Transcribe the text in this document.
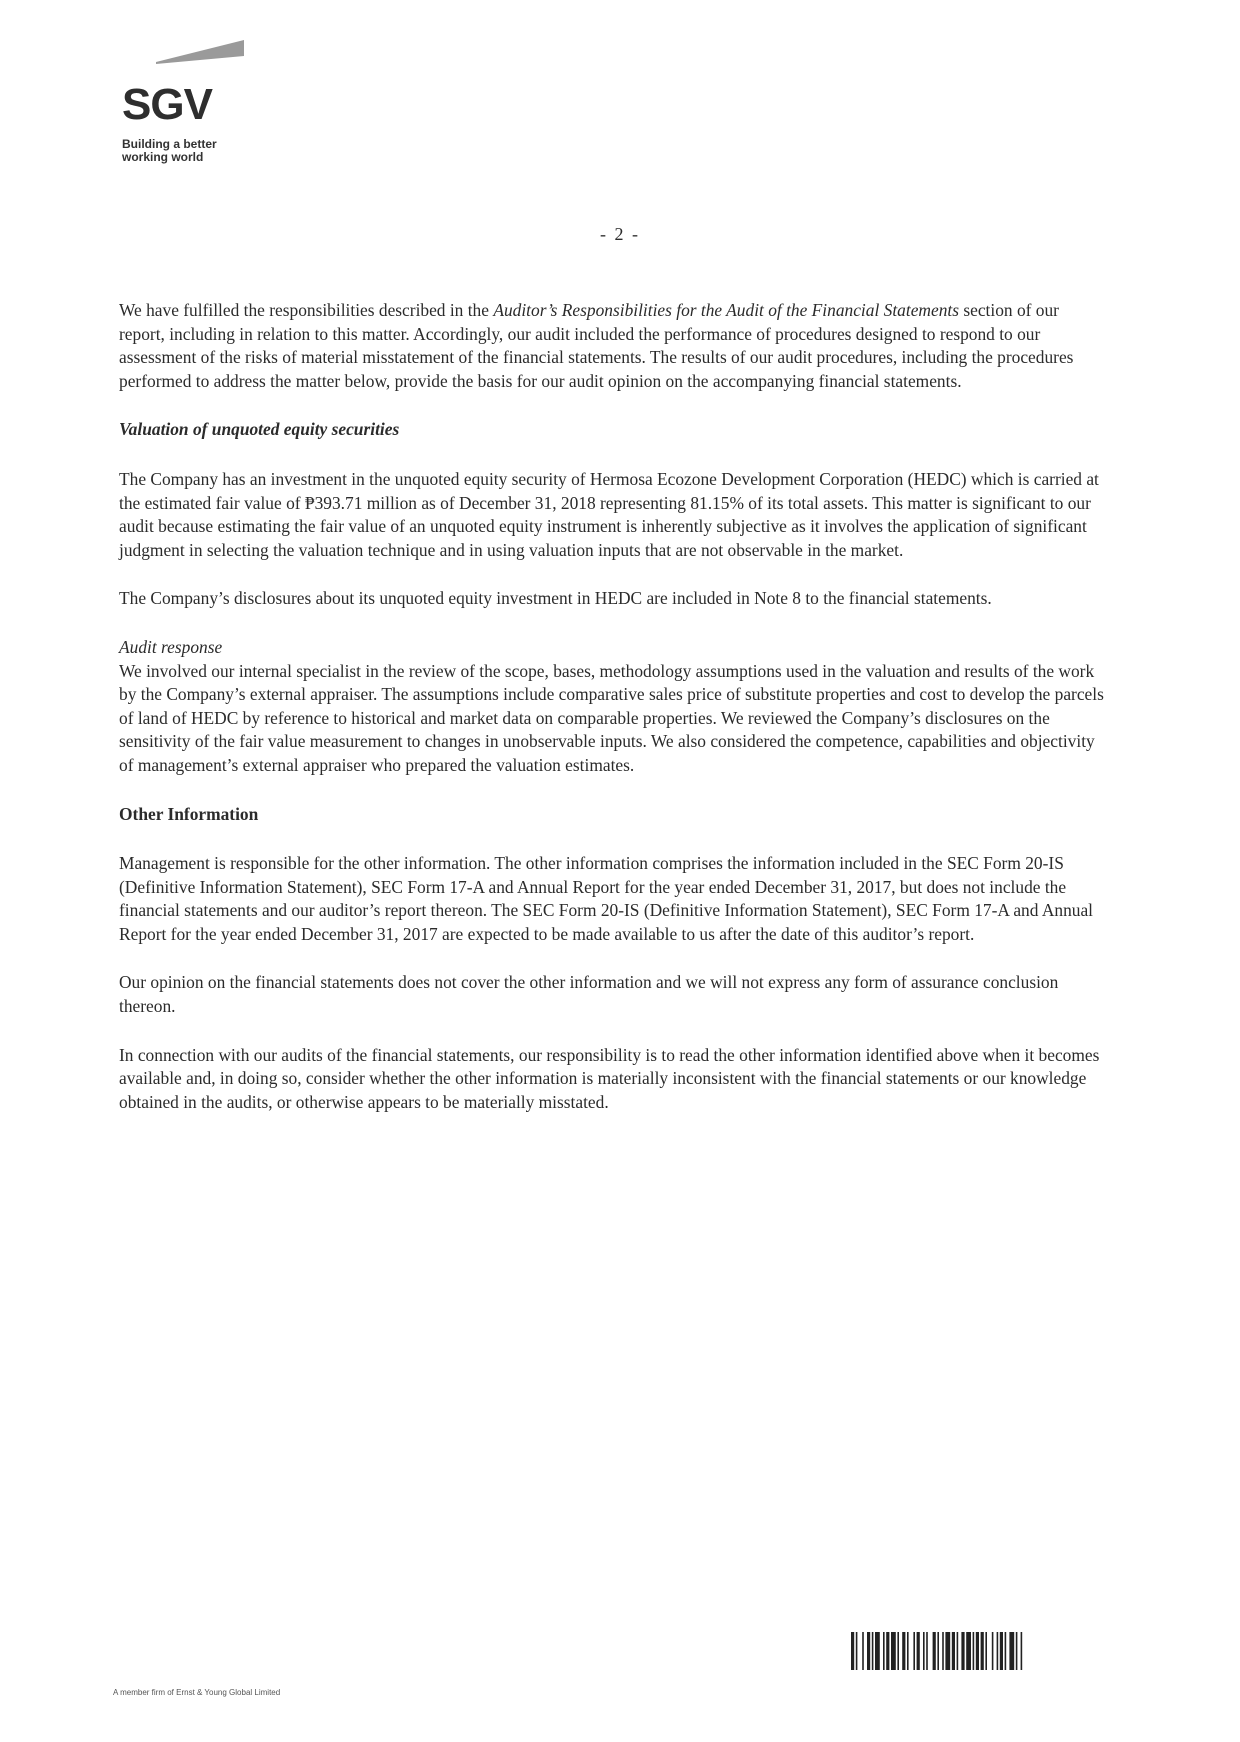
SGV
Building a better
working world
- 2 -

We have fulfilled the responsibilities described in the Auditor’s Responsibilities for the Audit of the Financial Statements section of our report, including in relation to this matter. Accordingly, our audit included the performance of procedures designed to respond to our assessment of the risks of material misstatement of the financial statements. The results of our audit procedures, including the procedures performed to address the matter below, provide the basis for our audit opinion on the accompanying financial statements.

Valuation of unquoted equity securities

The Company has an investment in the unquoted equity security of Hermosa Ecozone Development Corporation (HEDC) which is carried at the estimated fair value of ₱393.71 million as of December 31, 2018 representing 81.15% of its total assets. This matter is significant to our audit because estimating the fair value of an unquoted equity instrument is inherently subjective as it involves the application of significant judgment in selecting the valuation technique and in using valuation inputs that are not observable in the market.

The Company’s disclosures about its unquoted equity investment in HEDC are included in Note 8 to the financial statements.

Audit response

We involved our internal specialist in the review of the scope, bases, methodology assumptions used in the valuation and results of the work by the Company’s external appraiser. The assumptions include comparative sales price of substitute properties and cost to develop the parcels of land of HEDC by reference to historical and market data on comparable properties. We reviewed the Company’s disclosures on the sensitivity of the fair value measurement to changes in unobservable inputs. We also considered the competence, capabilities and objectivity of management’s external appraiser who prepared the valuation estimates.

Other Information

Management is responsible for the other information. The other information comprises the information included in the SEC Form 20-IS (Definitive Information Statement), SEC Form 17-A and Annual Report for the year ended December 31, 2017, but does not include the financial statements and our auditor’s report thereon. The SEC Form 20-IS (Definitive Information Statement), SEC Form 17-A and Annual Report for the year ended December 31, 2017 are expected to be made available to us after the date of this auditor’s report.

Our opinion on the financial statements does not cover the other information and we will not express any form of assurance conclusion thereon.

In connection with our audits of the financial statements, our responsibility is to read the other information identified above when it becomes available and, in doing so, consider whether the other information is materially inconsistent with the financial statements or our knowledge obtained in the audits, or otherwise appears to be materially misstated.

A member firm of Ernst & Young Global Limited
